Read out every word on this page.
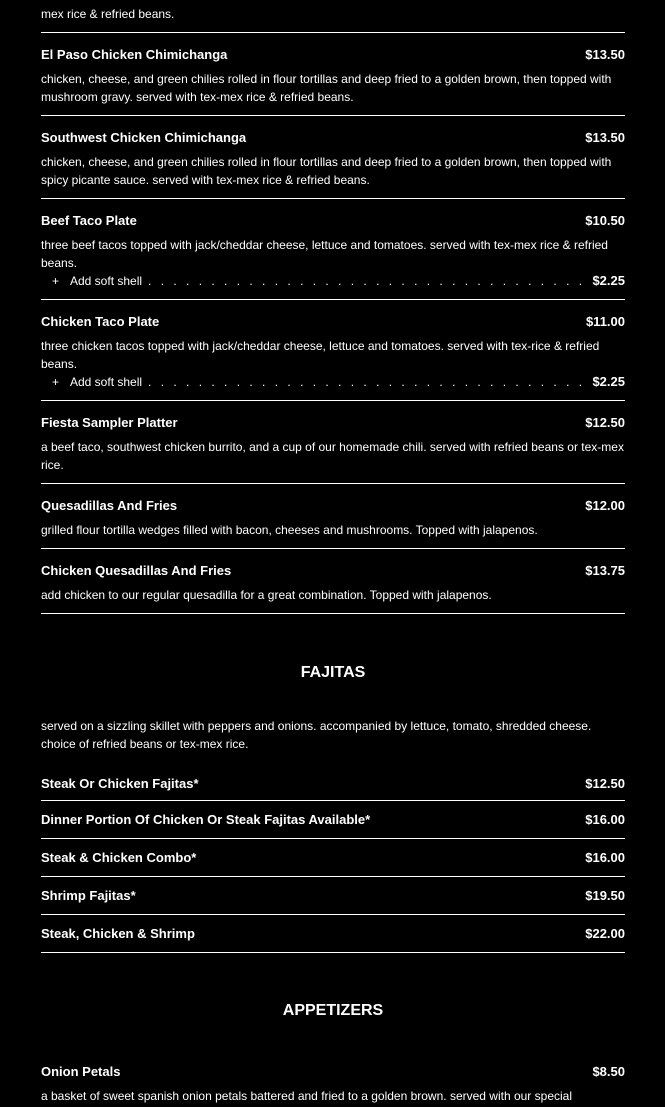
mex rice & refried beans.
El Paso Chicken Chimichanga	$13.50
chicken, cheese, and green chilies rolled in flour tortillas and deep fried to a golden brown, then topped with mushroom gravy. served with tex-mex rice & refried beans.
Southwest Chicken Chimichanga	$13.50
chicken, cheese, and green chilies rolled in flour tortillas and deep fried to a golden brown, then topped with spicy picante sauce. served with tex-mex rice & refried beans.
Beef Taco Plate	$10.50
three beef tacos topped with jack/cheddar cheese, lettuce and tomatoes. served with tex-mex rice & refried beans.
+ Add soft shell . . .	$2.25
Chicken Taco Plate	$11.00
three chicken tacos topped with jack/cheddar cheese, lettuce and tomatoes. served with tex-rice & refried beans.
+ Add soft shell . . .	$2.25
Fiesta Sampler Platter	$12.50
a beef taco, southwest chicken burrito, and a cup of our homemade chili. served with refried beans or tex-mex rice.
Quesadillas And Fries	$12.00
grilled flour tortilla wedges filled with bacon, cheeses and mushrooms. Topped with jalapenos.
Chicken Quesadillas And Fries	$13.75
add chicken to our regular quesadilla for a great combination. Topped with jalapenos.
FAJITAS
served on a sizzling skillet with peppers and onions. accompanied by lettuce, tomato, shredded cheese. choice of refried beans or tex-mex rice.
Steak Or Chicken Fajitas*	$12.50
Dinner Portion Of Chicken Or Steak Fajitas Available*	$16.00
Steak & Chicken Combo*	$16.00
Shrimp Fajitas*	$19.50
Steak, Chicken & Shrimp	$22.00
APPETIZERS
Onion Petals	$8.50
a basket of sweet spanish onion petals battered and fried to a golden brown. served with our special
